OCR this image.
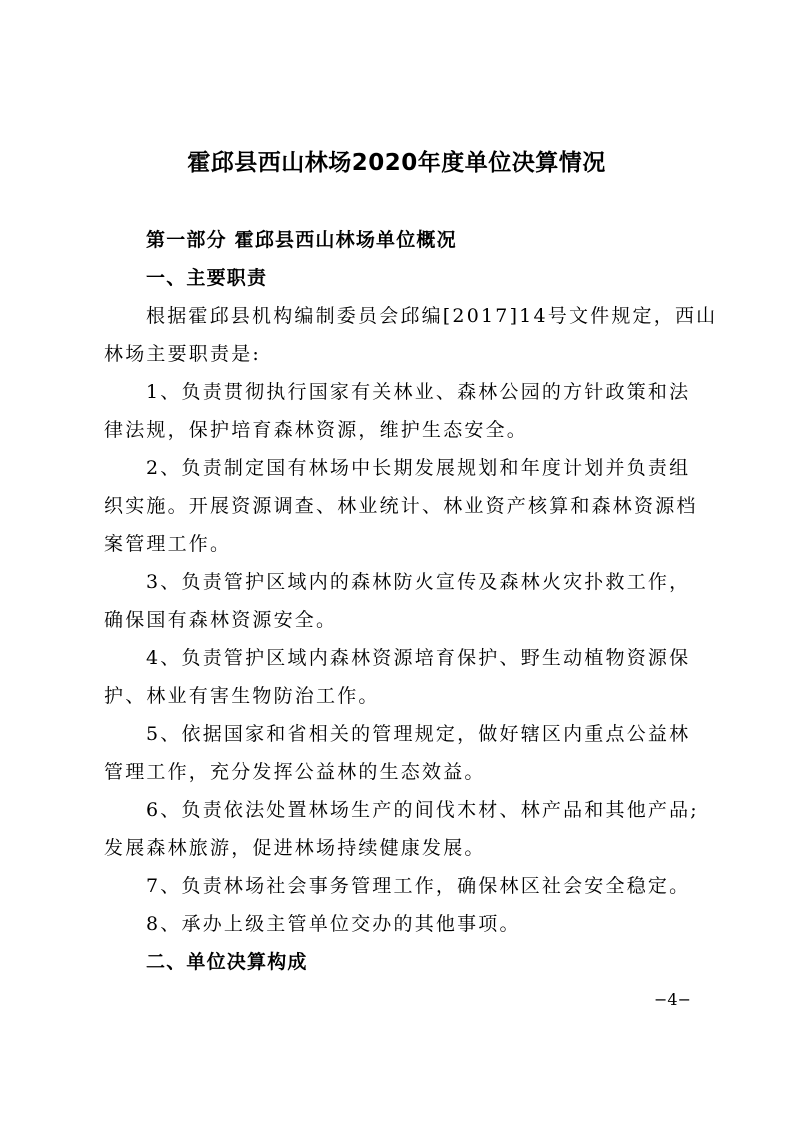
霍邱县西山林场2020年度单位决算情况
第一部分 霍邱县西山林场单位概况
一、主要职责
根据霍邱县机构编制委员会邱编[2017]14号文件规定，西山
林场主要职责是:
1、负责贯彻执行国家有关林业、森林公园的方针政策和法
律法规，保护培育森林资源，维护生态安全。
2、负责制定国有林场中长期发展规划和年度计划并负责组
织实施。开展资源调查、林业统计、林业资产核算和森林资源档
案管理工作。
3、负责管护区域内的森林防火宣传及森林火灾扑救工作，
确保国有森林资源安全。
4、负责管护区域内森林资源培育保护、野生动植物资源保
护、林业有害生物防治工作。
5、依据国家和省相关的管理规定，做好辖区内重点公益林
管理工作，充分发挥公益林的生态效益。
6、负责依法处置林场生产的间伐木材、林产品和其他产品;
发展森林旅游，促进林场持续健康发展。
7、负责林场社会事务管理工作，确保林区社会安全稳定。
8、承办上级主管单位交办的其他事项。
二、单位决算构成
−4−
